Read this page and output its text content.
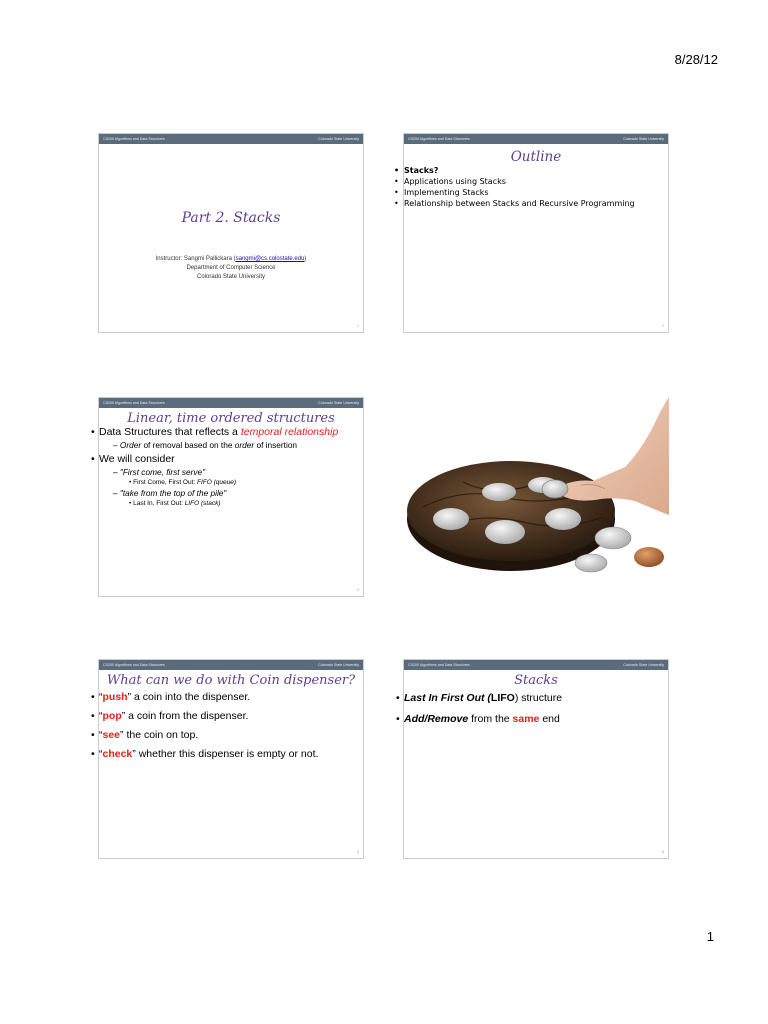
8/28/12
CS200 Algorithms and Data Structures	Colorado State University
Part 2. Stacks
Instructor: Sangmi Pallickara (sangmi@cs.colostate.edu)
Department of Computer Science
Colorado State University
1
CS200 Algorithms and Data Structures	Colorado State University
Outline
• Stacks?
• Applications using Stacks
• Implementing Stacks
• Relationship between Stacks and Recursive Programming
2
CS200 Algorithms and Data Structures	Colorado State University
Linear, time ordered structures
• Data Structures that reflects a temporal relationship
– Order of removal based on the order of insertion
• We will consider
– "First come, first serve"
• First Come, First Out: FIFO (queue)
– "take from the top of the pile"
• Last In, First Out: LIFO (stack)
3
CS200 Algorithms and Data Structures	Colorado State University
What can we do with Coin dispenser?
• “push” a coin into the dispenser.
• “pop” a coin from the dispenser.
• “see” the coin on top.
• “check” whether this dispenser is empty or not.
5
CS200 Algorithms and Data Structures	Colorado State University
Stacks
• Last In First Out (LIFO) structure
• Add/Remove from the same end
6
1
